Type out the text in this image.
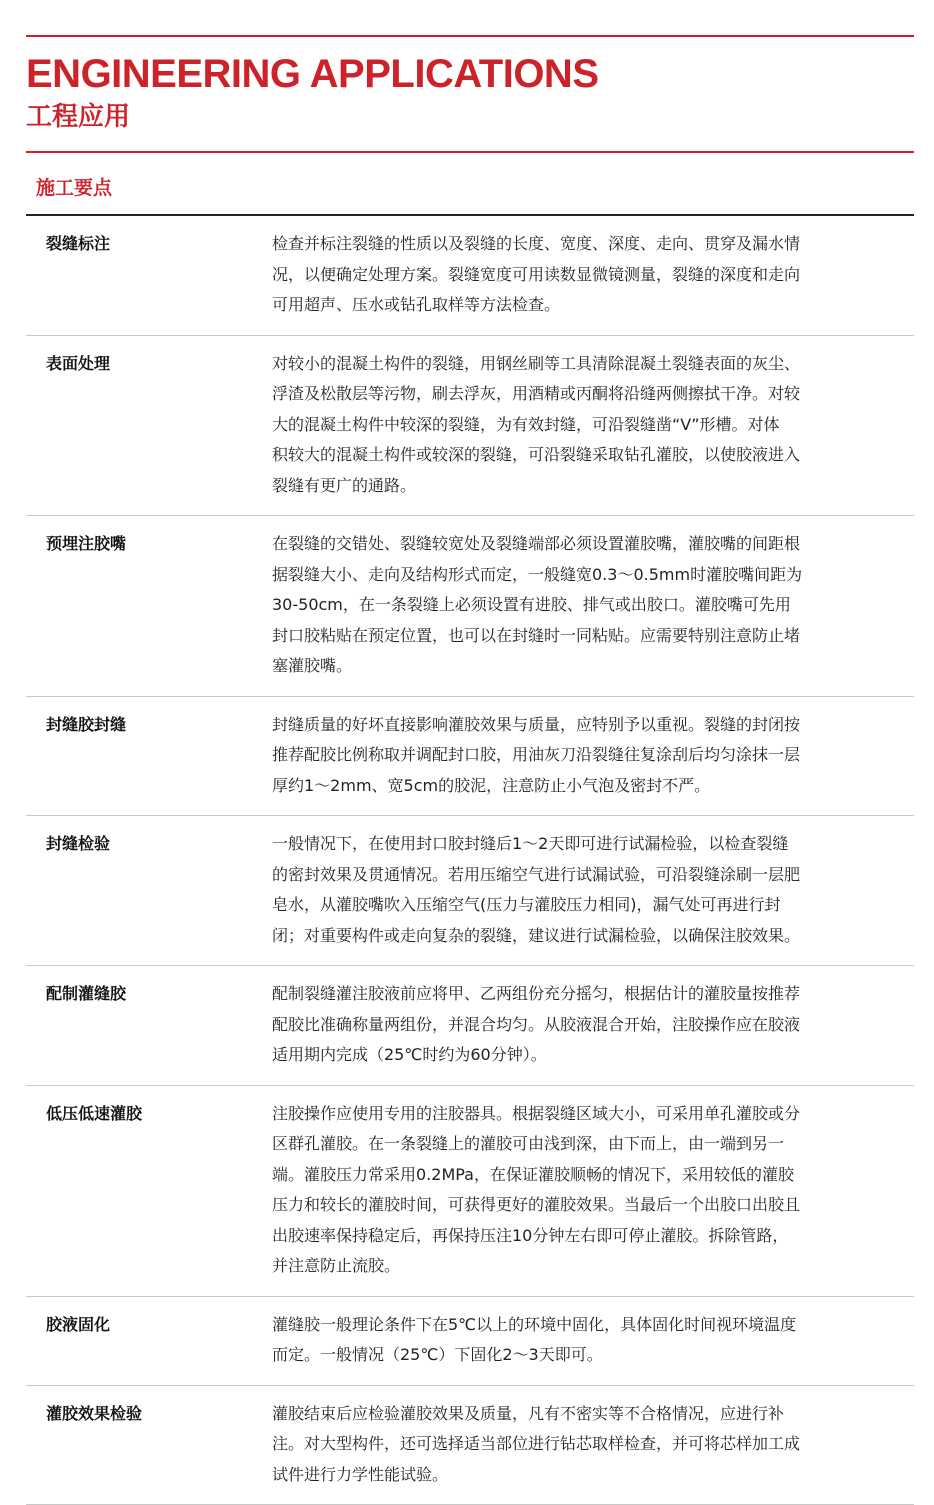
ENGINEERING APPLICATIONS
工程应用
施工要点
裂缝标注	检查并标注裂缝的性质以及裂缝的长度、宽度、深度、走向、贯穿及漏水情
况，以便确定处理方案。裂缝宽度可用读数显微镜测量，裂缝的深度和走向
可用超声、压水或钻孔取样等方法检查。
表面处理	对较小的混凝土构件的裂缝，用钢丝刷等工具清除混凝土裂缝表面的灰尘、
浮渣及松散层等污物，刷去浮灰，用酒精或丙酮将沿缝两侧擦拭干净。对较
大的混凝土构件中较深的裂缝，为有效封缝，可沿裂缝凿“V”形槽。对体
积较大的混凝土构件或较深的裂缝，可沿裂缝采取钻孔灌胶，以使胶液进入
裂缝有更广的通路。
预埋注胶嘴	在裂缝的交错处、裂缝较宽处及裂缝端部必须设置灌胶嘴，灌胶嘴的间距根
据裂缝大小、走向及结构形式而定，一般缝宽0.3～0.5mm时灌胶嘴间距为
30-50cm，在一条裂缝上必须设置有进胶、排气或出胶口。灌胶嘴可先用
封口胶粘贴在预定位置，也可以在封缝时一同粘贴。应需要特别注意防止堵
塞灌胶嘴。
封缝胶封缝	封缝质量的好坏直接影响灌胶效果与质量，应特别予以重视。裂缝的封闭按
推荐配胶比例称取并调配封口胶，用油灰刀沿裂缝往复涂刮后均匀涂抹一层
厚约1～2mm、宽5cm的胶泥，注意防止小气泡及密封不严。
封缝检验	一般情况下，在使用封口胶封缝后1～2天即可进行试漏检验，以检查裂缝
的密封效果及贯通情况。若用压缩空气进行试漏试验，可沿裂缝涂刷一层肥
皂水，从灌胶嘴吹入压缩空气(压力与灌胶压力相同)，漏气处可再进行封
闭；对重要构件或走向复杂的裂缝，建议进行试漏检验，以确保注胶效果。
配制灌缝胶	配制裂缝灌注胶液前应将甲、乙两组份充分摇匀，根据估计的灌胶量按推荐
配胶比准确称量两组份，并混合均匀。从胶液混合开始，注胶操作应在胶液
适用期内完成（25℃时约为60分钟）。
低压低速灌胶	注胶操作应使用专用的注胶器具。根据裂缝区域大小，可采用单孔灌胶或分
区群孔灌胶。在一条裂缝上的灌胶可由浅到深，由下而上，由一端到另一
端。灌胶压力常采用0.2MPa，在保证灌胶顺畅的情况下，采用较低的灌胶
压力和较长的灌胶时间，可获得更好的灌胶效果。当最后一个出胶口出胶且
出胶速率保持稳定后，再保持压注10分钟左右即可停止灌胶。拆除管路，
并注意防止流胶。
胶液固化	灌缝胶一般理论条件下在5℃以上的环境中固化，具体固化时间视环境温度
而定。一般情况（25℃）下固化2～3天即可。
灌胶效果检验	灌胶结束后应检验灌胶效果及质量，凡有不密实等不合格情况，应进行补
注。对大型构件，还可选择适当部位进行钻芯取样检查，并可将芯样加工成
试件进行力学性能试验。
